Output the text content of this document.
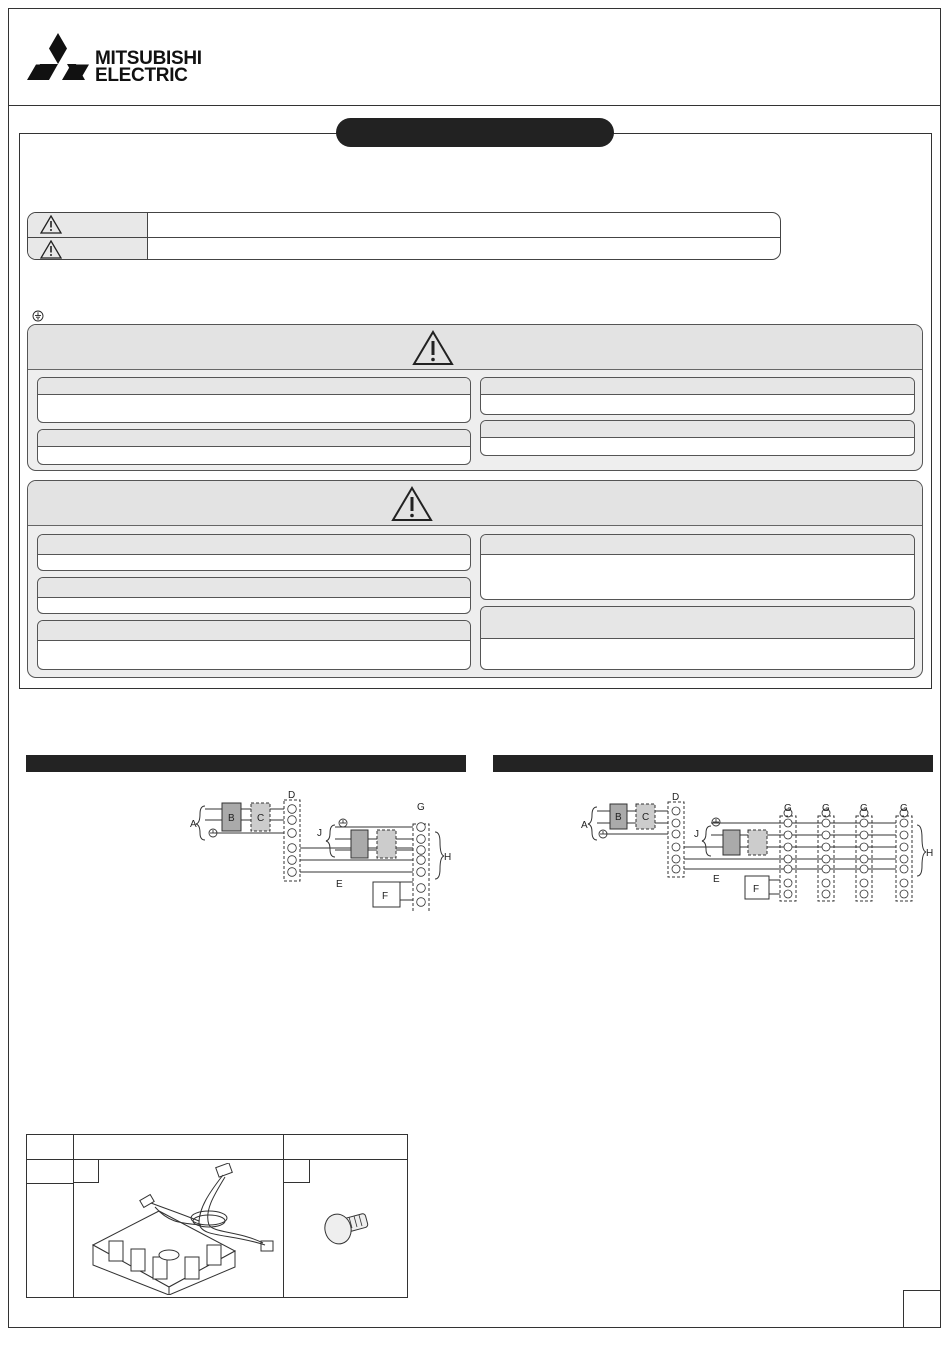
MITSUBISHI
ELECTRIC
A
B C
D
E
F
G
H
J
A
B C
D
E
F
G	G	G	G
H
J
